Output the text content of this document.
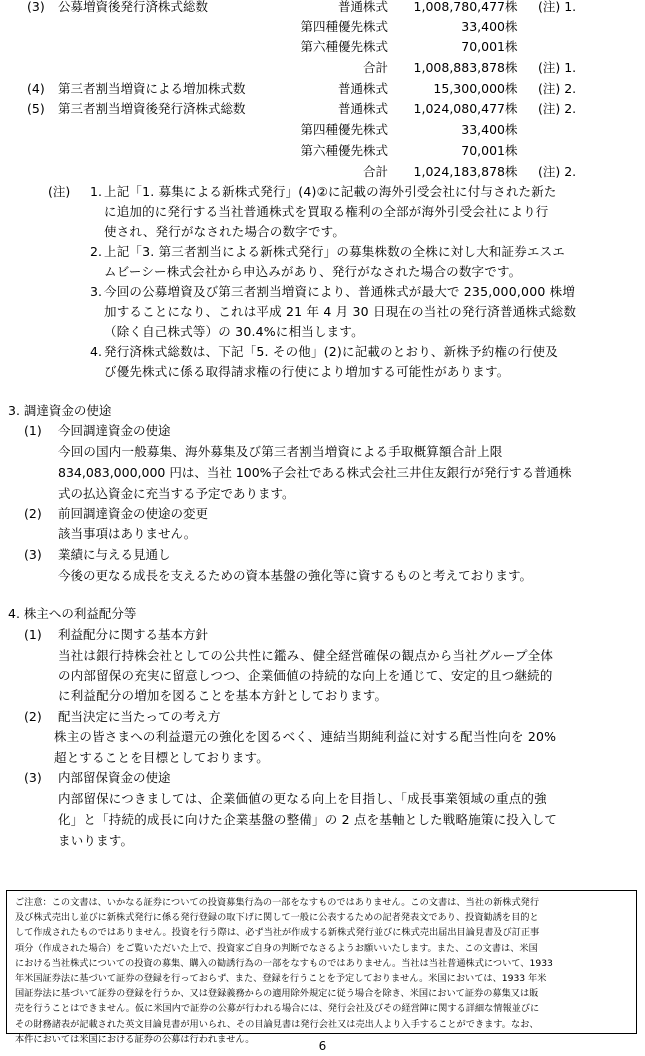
(3) 公募増資後発行済株式総数	普通株式 1,008,780,477 株 (注) 1.
第四種優先株式	33,400 株
第六種優先株式	70,001 株
合計 1,008,883,878 株 (注) 1.
(4) 第三者割当増資による増加株式数	普通株式	15,300,000 株 (注) 2.
(5) 第三者割当増資後発行済株式総数	普通株式 1,024,080,477 株 (注) 2.
第四種優先株式	33,400 株
第六種優先株式	70,001 株
合計 1,024,183,878 株 (注) 2.
(注) 1. 上記「1. 募集による新株式発行」(4)②に記載の海外引受会社に付与された新た
に追加的に発行する当社普通株式を買取る権利の全部が海外引受会社により行
使され、発行がなされた場合の数字です。
2. 上記「3. 第三者割当による新株式発行」の募集株数の全株に対し大和証券エスエ
ムビーシー株式会社から申込みがあり、発行がなされた場合の数字です。
3. 今回の公募増資及び第三者割当増資により、普通株式が最大で 235,000,000 株増
加することになり、これは平成 21 年 4 月 30 日現在の当社の発行済普通株式総数
（除く自己株式等）の 30.4%に相当します。
4. 発行済株式総数は、下記「5. その他」(2)に記載のとおり、新株予約権の行使及
び優先株式に係る取得請求権の行使により増加する可能性があります。
3. 調達資金の使途
(1) 今回調達資金の使途
今回の国内一般募集、海外募集及び第三者割当増資による手取概算額合計上限
834,083,000,000 円は、当社 100%子会社である株式会社三井住友銀行が発行する普通株
式の払込資金に充当する予定であります。
(2) 前回調達資金の使途の変更
該当事項はありません。
(3) 業績に与える見通し
今後の更なる成長を支えるための資本基盤の強化等に資するものと考えております。
4. 株主への利益配分等
(1) 利益配分に関する基本方針
当社は銀行持株会社としての公共性に鑑み、健全経営確保の観点から当社グループ全体
の内部留保の充実に留意しつつ、企業価値の持続的な向上を通じて、安定的且つ継続的
に利益配分の増加を図ることを基本方針としております。
(2) 配当決定に当たっての考え方
株主の皆さまへの利益還元の強化を図るべく、連結当期純利益に対する配当性向を 20%
超とすることを目標としております。
(3) 内部留保資金の使途
内部留保につきましては、企業価値の更なる向上を目指し、「成長事業領域の重点的強
化」と「持続的成長に向けた企業基盤の整備」の 2 点を基軸とした戦略施策に投入して
まいります。
ご注意：この文書は、いかなる証券についての投資募集行為の一部をなすものではありません。この文書は、当社の新株式発行
及び株式売出し並びに新株式発行に係る発行登録の取下げに関して一般に公表するための記者発表文であり、投資勧誘を目的と
して作成されたものではありません。投資を行う際は、必ず当社が作成する新株式発行並びに株式売出届出目論見書及び訂正事
項分（作成された場合）をご覧いただいた上で、投資家ご自身の判断でなさるようお願いいたします。また、この文書は、米国
における当社株式についての投資の募集、購入の勧誘行為の一部をなすものではありません。当社は当社普通株式について、1933
年米国証券法に基づいて証券の登録を行っておらず、また、登録を行うことを予定しておりません。米国においては、1933 年米
国証券法に基づいて証券の登録を行うか、又は登録義務からの適用除外規定に従う場合を除き、米国において証券の募集又は販
売を行うことはできません。仮に米国内で証券の公募が行われる場合には、発行会社及びその経営陣に関する詳細な情報並びに
その財務諸表が記載された英文目論見書が用いられ、その目論見書は発行会社又は売出人より入手することができます。なお、
本件においては米国における証券の公募は行われません。	6
